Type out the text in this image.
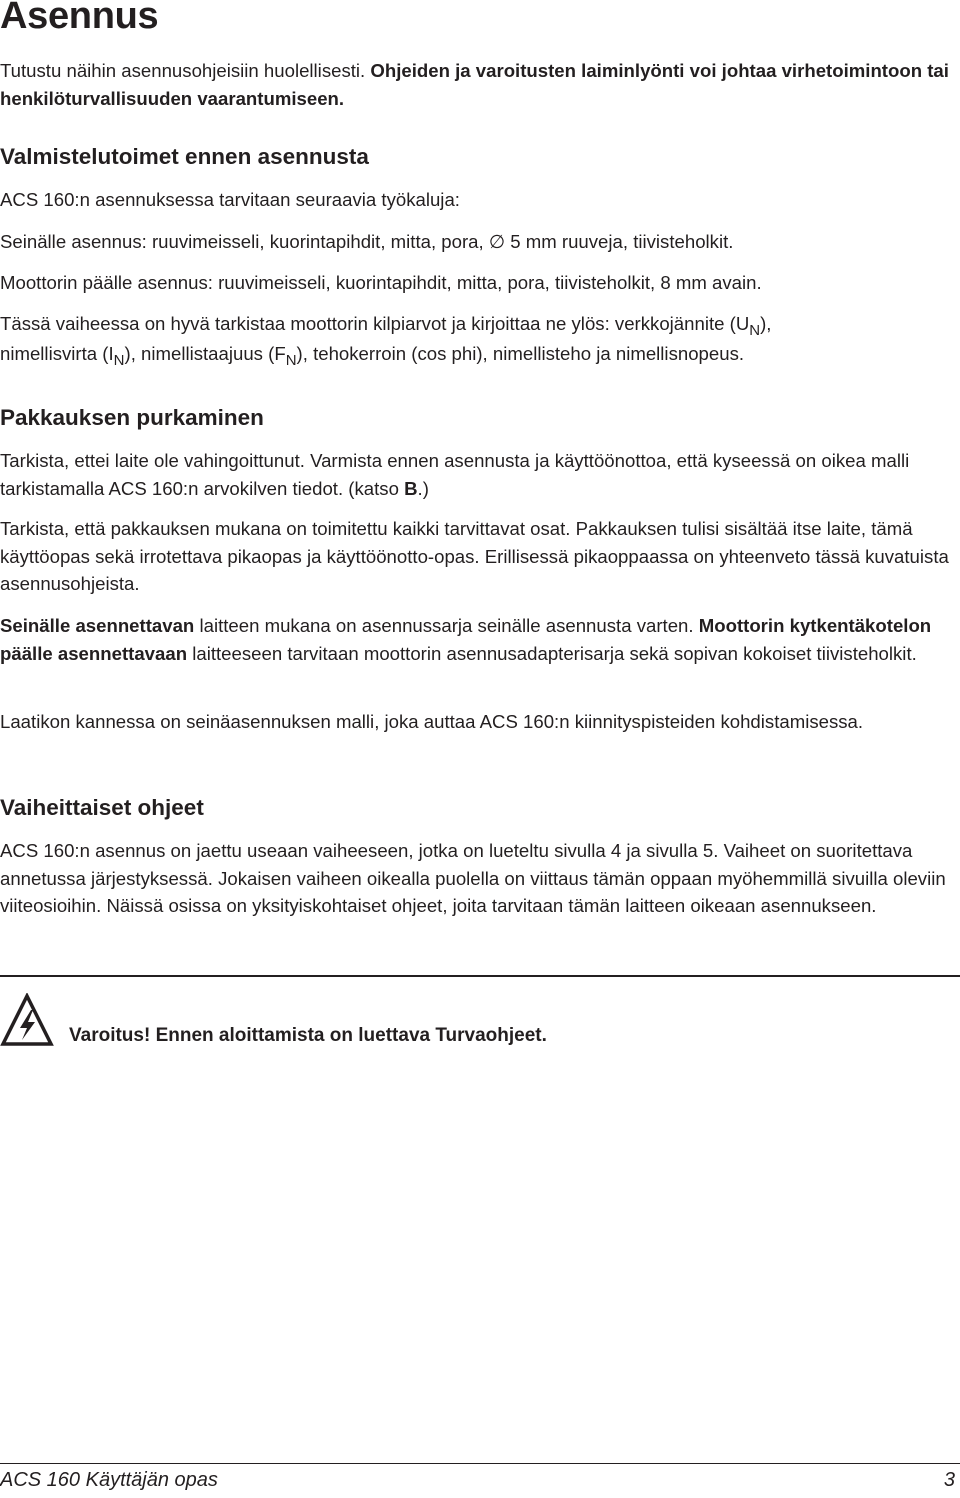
Asennus

Tutustu näihin asennusohjeisiin huolellisesti. Ohjeiden ja varoitusten laiminlyönti voi johtaa virhetoimintoon tai henkilöturvallisuuden vaarantumiseen.

Valmistelutoimet ennen asennusta

ACS 160:n asennuksessa tarvitaan seuraavia työkaluja:

Seinälle asennus: ruuvimeisseli, kuorintapihdit, mitta, pora, ∅ 5 mm ruuveja, tiivisteholkit.

Moottorin päälle asennus: ruuvimeisseli, kuorintapihdit, mitta, pora, tiivisteholkit, 8 mm avain.

Tässä vaiheessa on hyvä tarkistaa moottorin kilpiarvot ja kirjoittaa ne ylös: verkkojännite $(U_N)$,
nimellisvirta $(I_N)$, nimellistaajuus $(F_N)$, tehokerroin (cos phi), nimellisteho ja nimellisnopeus.

Pakkauksen purkaminen

Tarkista, ettei laite ole vahingoittunut. Varmista ennen asennusta ja käyttöönottoa, että kyseessä on oikea malli tarkistamalla ACS 160:n arvokilven tiedot. (katso B.)

Tarkista, että pakkauksen mukana on toimitettu kaikki tarvittavat osat. Pakkauksen tulisi sisältää itse laite, tämä käyttöopas sekä irrotettava pikaopas ja käyttöönotto-opas. Erillisessä pikaoppaassa on yhteenveto tässä kuvatuista asennusohjeista.

Seinälle asennettavan laitteen mukana on asennussarja seinälle asennusta varten. Moottorin kytkentäkotelon päälle asennettavaan laitteeseen tarvitaan moottorin asennusadapterisarja sekä sopivan kokoiset tiivisteholkit.

Laatikon kannessa on seinäasennuksen malli, joka auttaa ACS 160:n kiinnityspisteiden kohdistamisessa.

Vaiheittaiset ohjeet

ACS 160:n asennus on jaettu useaan vaiheeseen, jotka on lueteltu sivulla 4 ja sivulla 5. Vaiheet on suoritettava annetussa järjestyksessä. Jokaisen vaiheen oikealla puolella on viittaus tämän oppaan myöhemmillä sivuilla oleviin viiteosioihin. Näissä osissa on yksityiskohtaiset ohjeet, joita tarvitaan tämän laitteen oikeaan asennukseen.

Varoitus! Ennen aloittamista on luettava Turvaohjeet.
ACS 160 Käyttäjän opas	3
